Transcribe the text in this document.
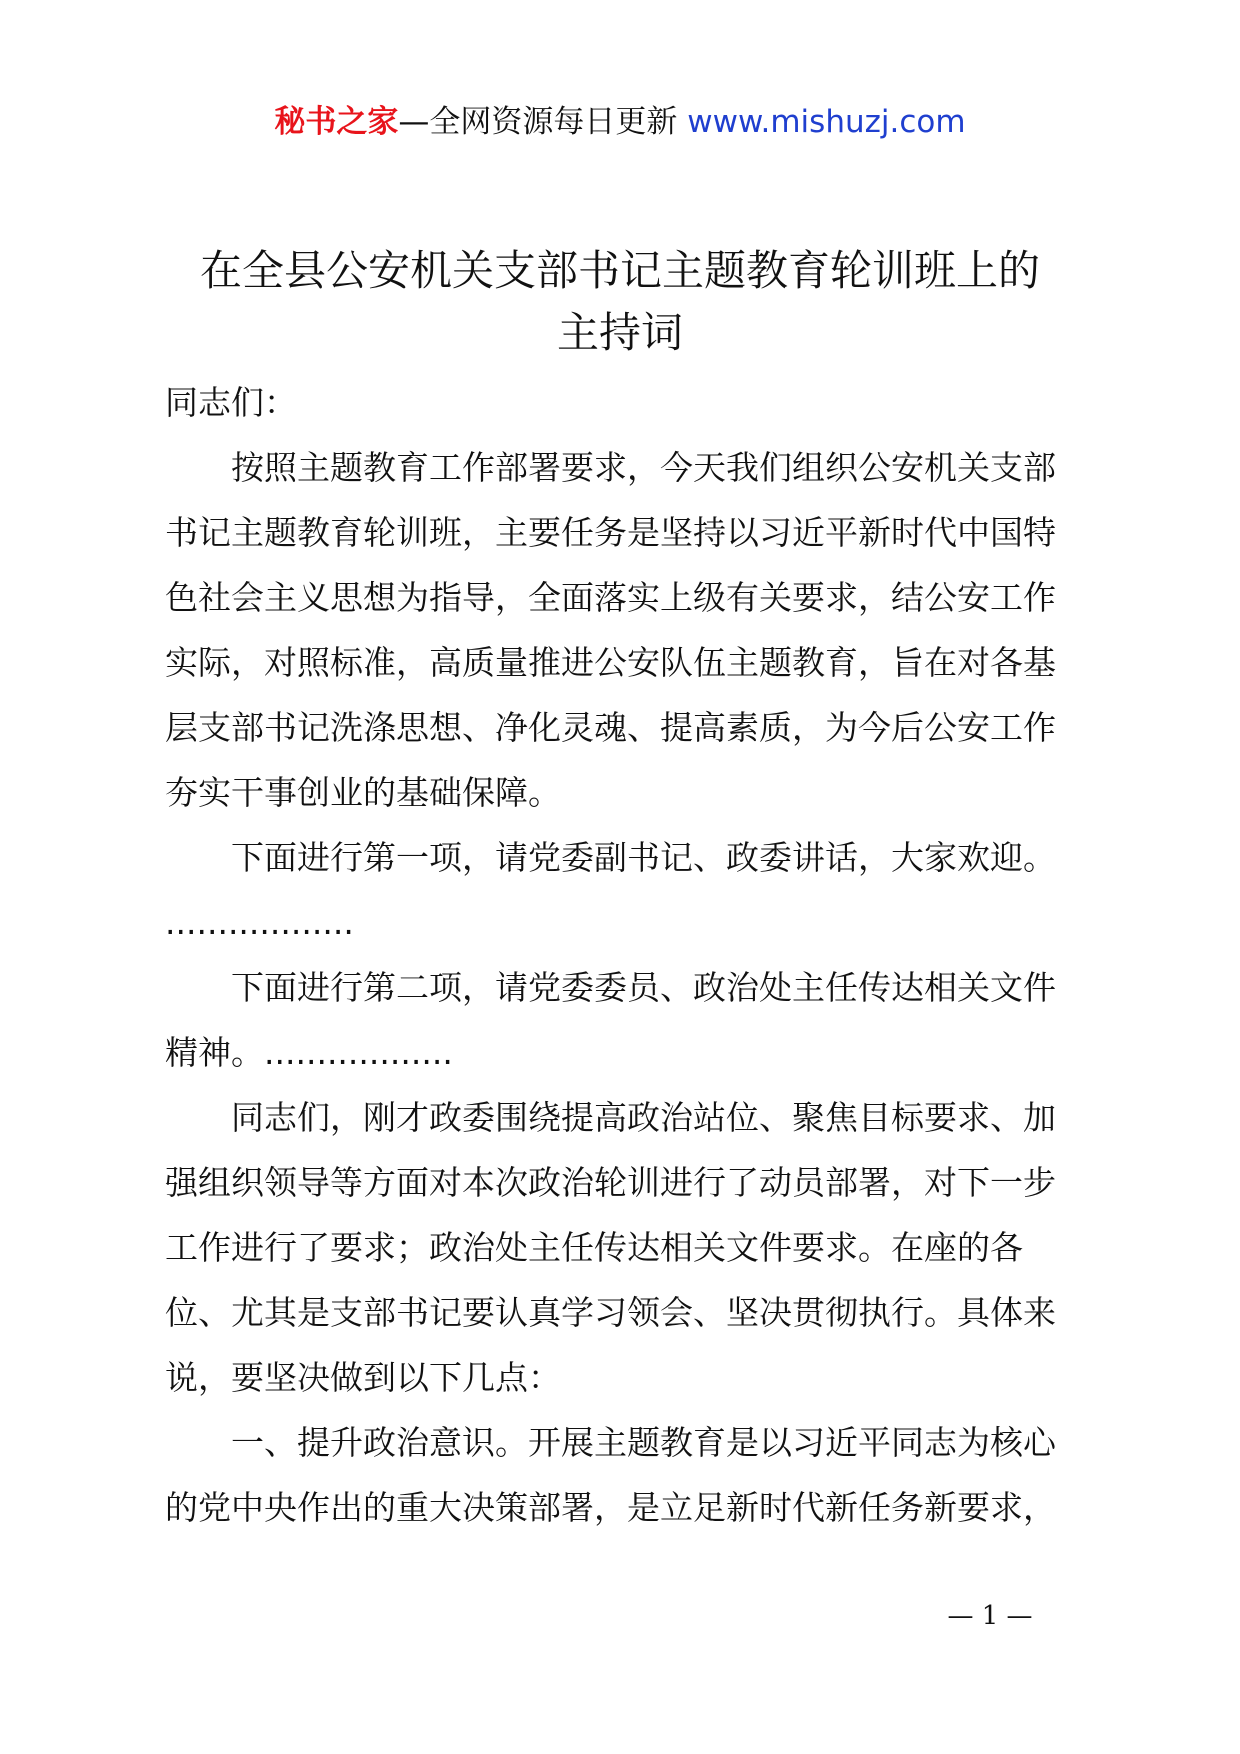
秘书之家—全网资源每日更新 www.mishuzj.com
在全县公安机关支部书记主题教育轮训班上的
主持词

同志们：

按照主题教育工作部署要求，今天我们组织公安机关支部书记主题教育轮训班，主要任务是坚持以习近平新时代中国特色社会主义思想为指导，全面落实上级有关要求，结公安工作实际，对照标准，高质量推进公安队伍主题教育，旨在对各基层支部书记洗涤思想、净化灵魂、提高素质，为今后公安工作夯实干事创业的基础保障。

下面进行第一项，请党委副书记、政委讲话，大家欢迎。

..................

下面进行第二项，请党委委员、政治处主任传达相关文件精神。..................

同志们，刚才政委围绕提高政治站位、聚焦目标要求、加强组织领导等方面对本次政治轮训进行了动员部署，对下一步工作进行了要求；政治处主任传达相关文件要求。在座的各位、尤其是支部书记要认真学习领会、坚决贯彻执行。具体来说，要坚决做到以下几点：

一、提升政治意识。开展主题教育是以习近平同志为核心的党中央作出的重大决策部署，是立足新时代新任务新要求，

— 1 —
